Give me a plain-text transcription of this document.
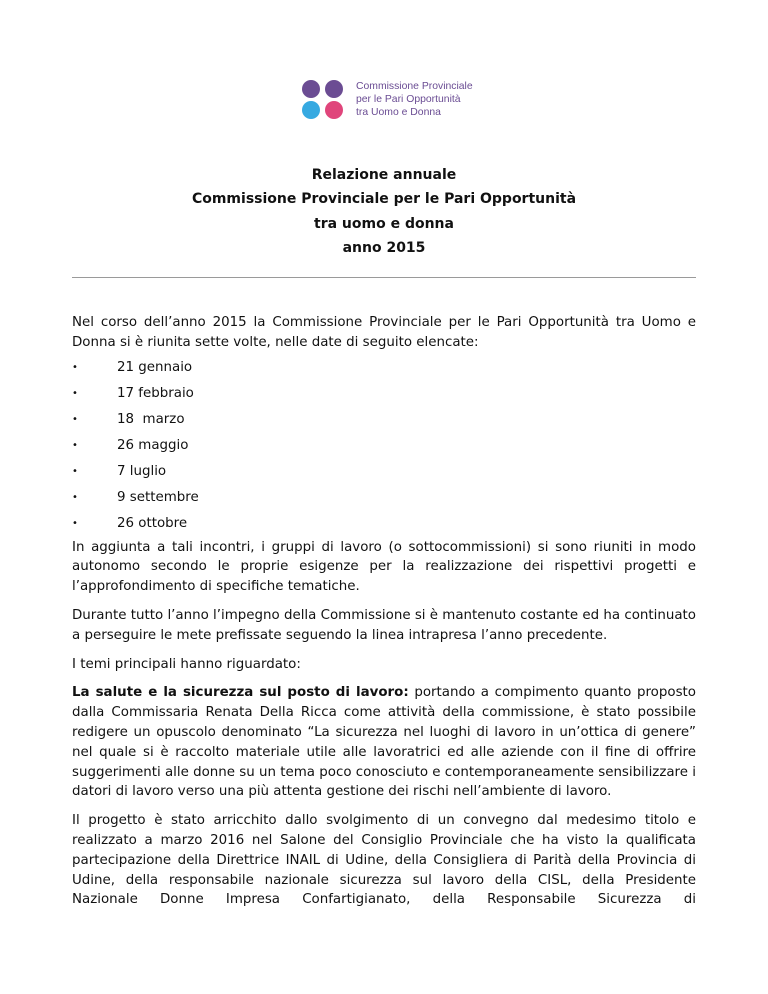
Commissione Provinciale
per le Pari Opportunità
tra Uomo e Donna
Relazione annuale
Commissione Provinciale per le Pari Opportunità
tra uomo e donna
anno 2015

Nel corso dell’anno 2015 la Commissione Provinciale per le Pari Opportunità tra Uomo e Donna si è riunita sette volte, nelle date di seguito elencate:

•	21 gennaio
•	17 febbraio
•	18  marzo
•	26 maggio
•	7 luglio
•	9 settembre
•	26 ottobre

In aggiunta a tali incontri, i gruppi di lavoro (o sottocommissioni) si sono riuniti in modo autonomo secondo le proprie esigenze per la realizzazione dei rispettivi progetti e l’approfondimento di specifiche tematiche.

Durante tutto l’anno l’impegno della Commissione si è mantenuto costante ed ha continuato a perseguire le mete prefissate seguendo la linea intrapresa l’anno precedente.

I temi principali hanno riguardato:

La salute e la sicurezza sul posto di lavoro: portando a compimento quanto proposto dalla Commissaria Renata Della Ricca come attività della commissione, è stato possibile redigere un opuscolo denominato “La sicurezza nel luoghi di lavoro in un’ottica di genere” nel quale si è raccolto materiale utile alle lavoratrici ed alle aziende con il fine di offrire suggerimenti alle donne su un tema poco conosciuto e contemporaneamente sensibilizzare i datori di lavoro verso una più attenta gestione dei rischi nell’ambiente di lavoro.

Il progetto è stato arricchito dallo svolgimento di un convegno dal medesimo titolo e realizzato a marzo 2016 nel Salone del Consiglio Provinciale che ha visto la qualificata partecipazione della Direttrice INAIL di Udine, della Consigliera di Parità della Provincia di Udine, della responsabile nazionale sicurezza sul lavoro della CISL, della Presidente Nazionale Donne Impresa Confartigianato, della Responsabile Sicurezza di
